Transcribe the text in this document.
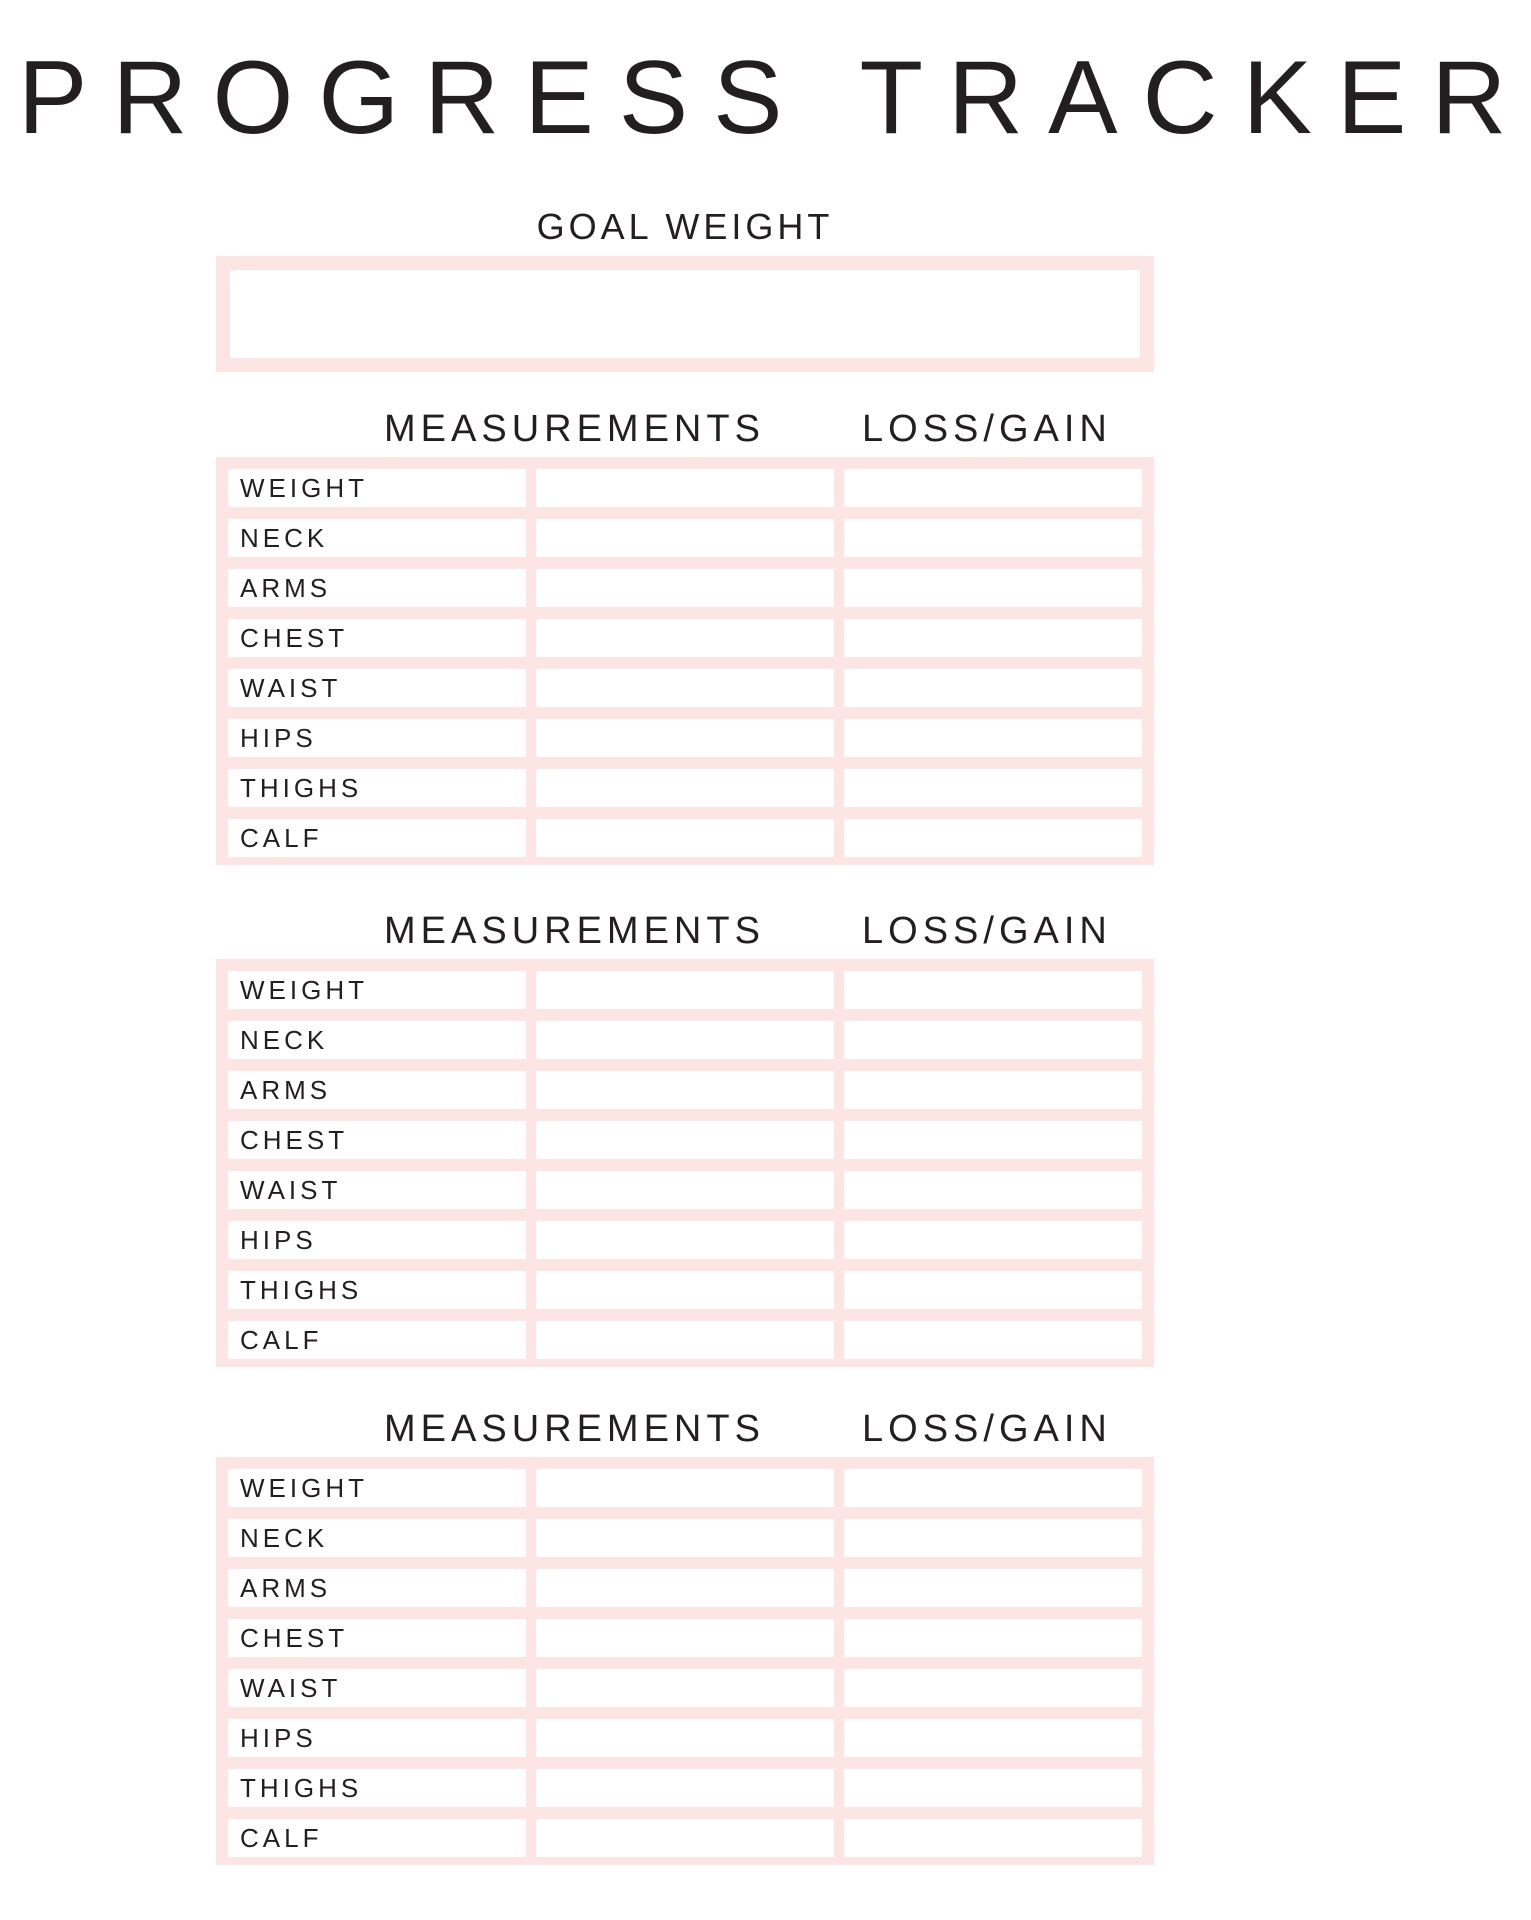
PROGRESS TRACKER
GOAL WEIGHT
MEASUREMENTS	LOSS/GAIN
WEIGHT
NECK
ARMS
CHEST
WAIST
HIPS
THIGHS
CALF
MEASUREMENTS	LOSS/GAIN
WEIGHT
NECK
ARMS
CHEST
WAIST
HIPS
THIGHS
CALF
MEASUREMENTS	LOSS/GAIN
WEIGHT
NECK
ARMS
CHEST
WAIST
HIPS
THIGHS
CALF
